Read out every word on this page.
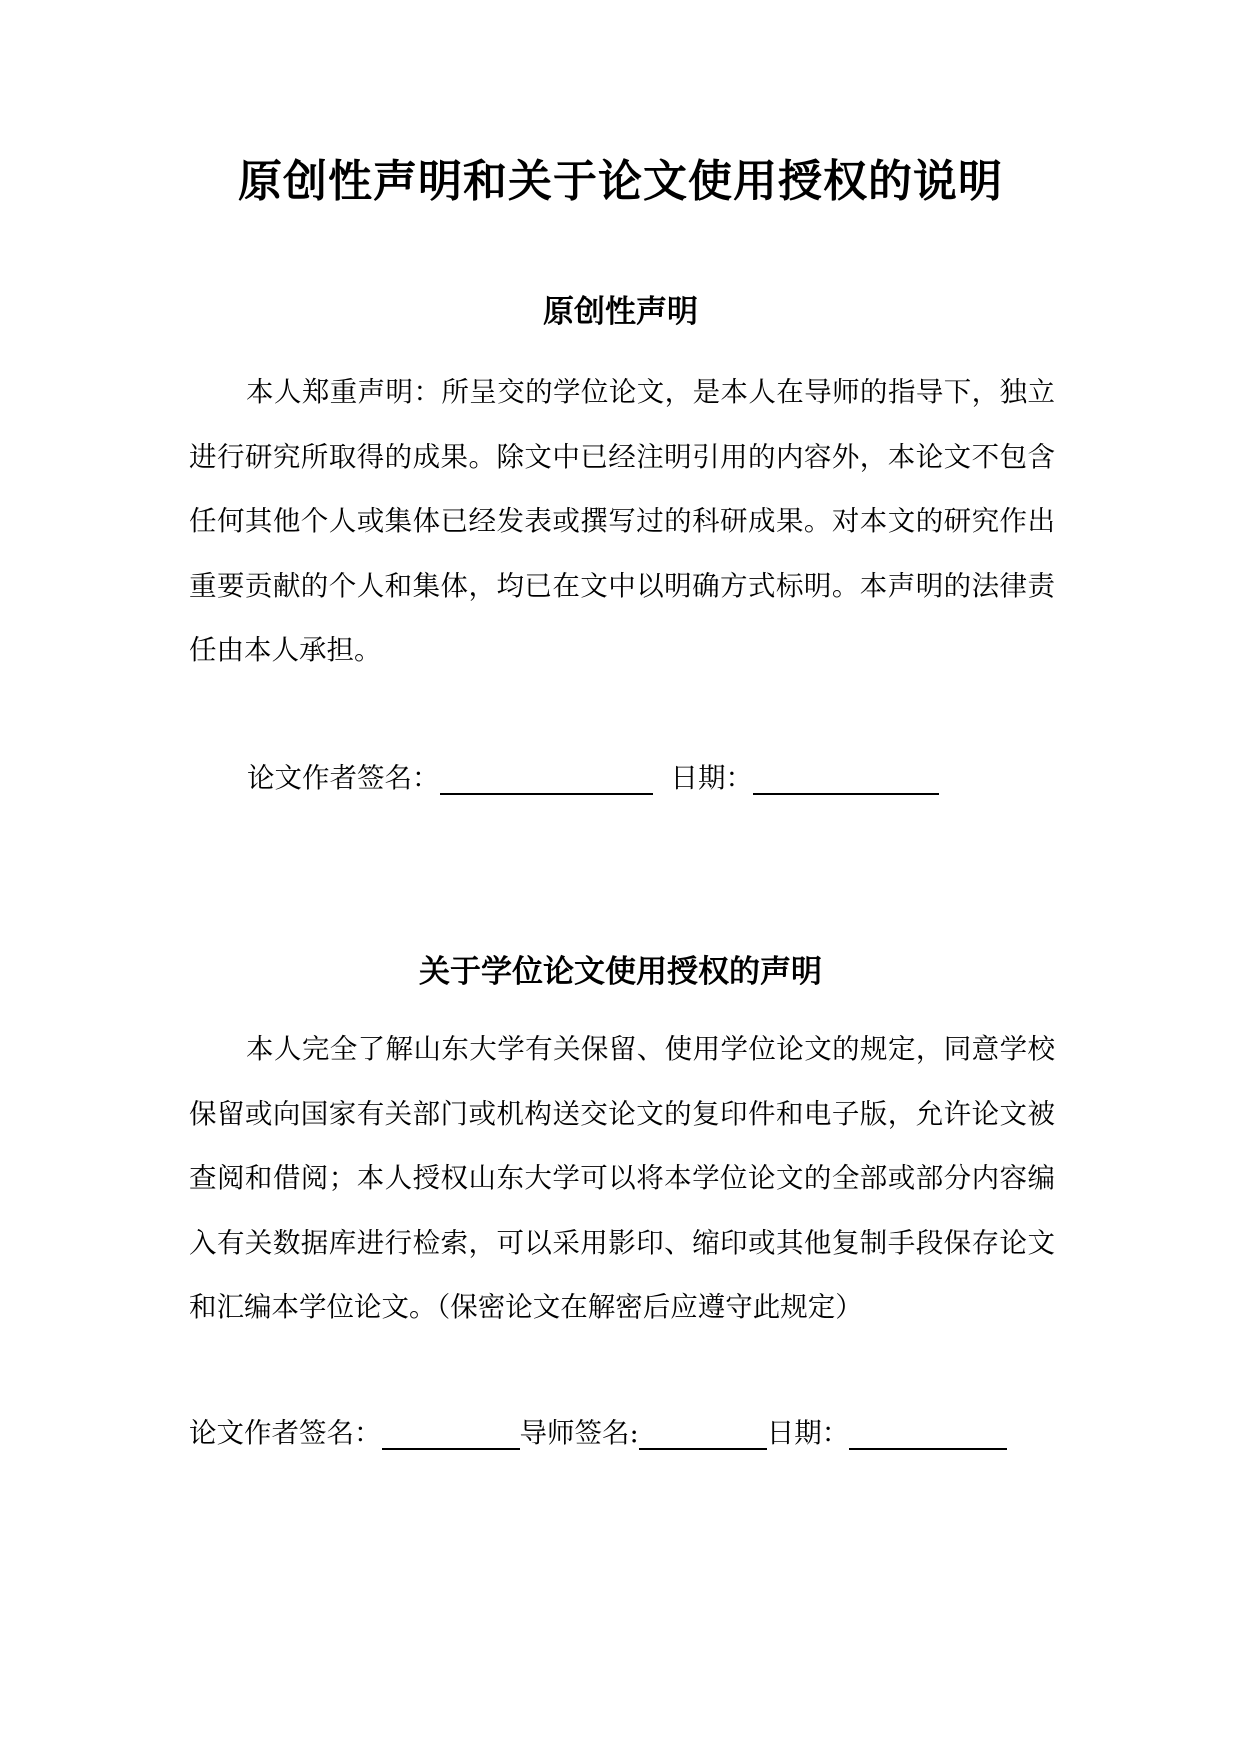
原创性声明和关于论文使用授权的说明
原创性声明

本人郑重声明：所呈交的学位论文，是本人在导师的指导下，独立进行研究所取得的成果。除文中已经注明引用的内容外，本论文不包含任何其他个人或集体已经发表或撰写过的科研成果。对本文的研究作出重要贡献的个人和集体，均已在文中以明确方式标明。本声明的法律责任由本人承担。

论文作者签名：	日期：
关于学位论文使用授权的声明

本人完全了解山东大学有关保留、使用学位论文的规定，同意学校保留或向国家有关部门或机构送交论文的复印件和电子版，允许论文被查阅和借阅；本人授权山东大学可以将本学位论文的全部或部分内容编入有关数据库进行检索，可以采用影印、缩印或其他复制手段保存论文和汇编本学位论文。（保密论文在解密后应遵守此规定）

论文作者签名：	导师签名:	日期：
